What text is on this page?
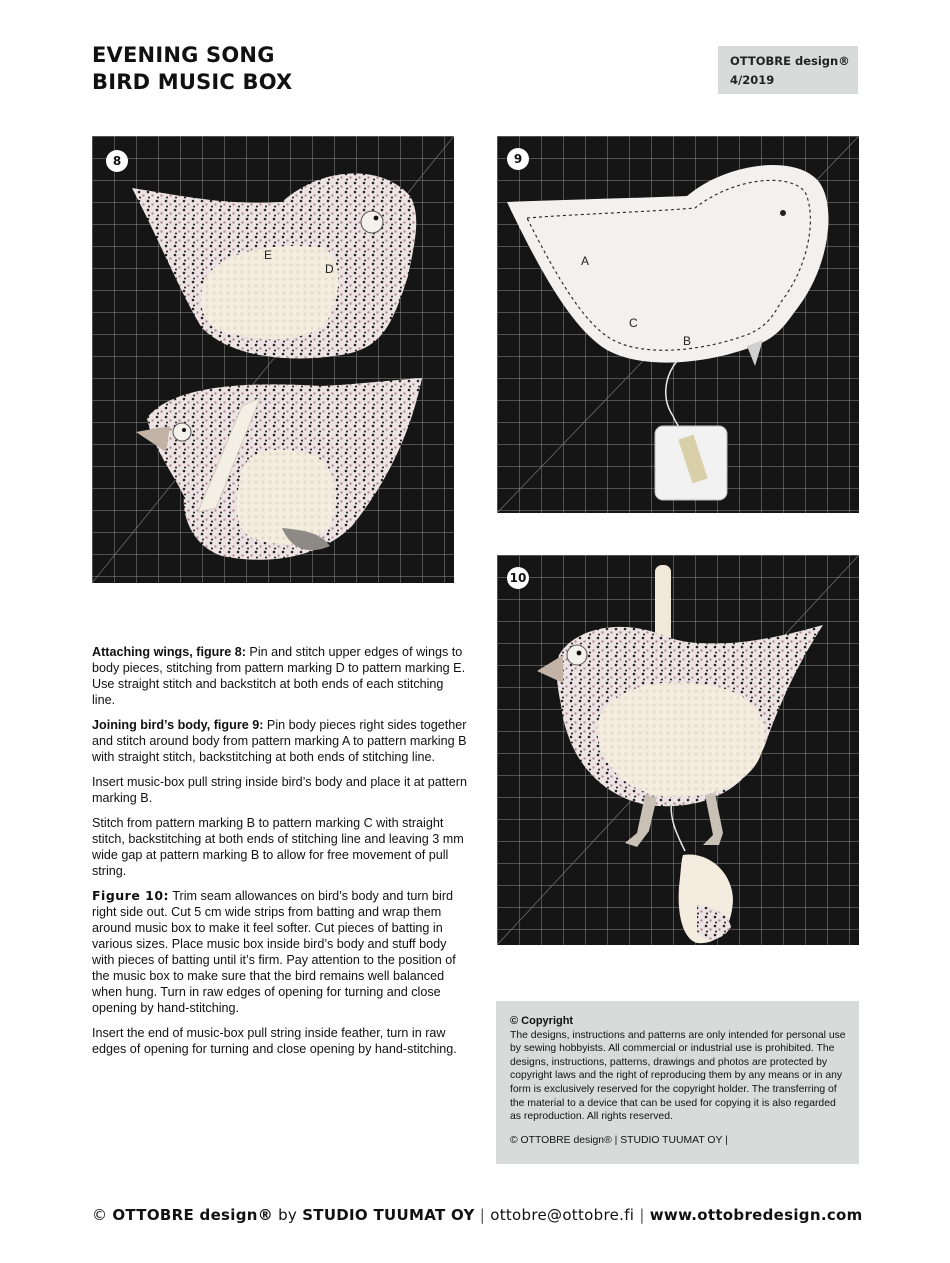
EVENING SONG
BIRD MUSIC BOX
OTTOBRE design®
4/2019
8
E
D
9
A
C
B
10

Attaching wings, figure 8: Pin and stitch upper edges of wings to body pieces, stitching from pattern marking D to pattern marking E. Use straight stitch and backstitch at both ends of each stitching line.

Joining bird’s body, figure 9: Pin body pieces right sides together and stitch around body from pattern marking A to pattern marking B with straight stitch, backstitching at both ends of stitching line.

Insert music-box pull string inside bird’s body and place it at pattern marking B.

Stitch from pattern marking B to pattern marking C with straight stitch, backstitching at both ends of stitching line and leaving 3 mm wide gap at pattern marking B to allow for free movement of pull string.

Figure 10: Trim seam allowances on bird’s body and turn bird right side out. Cut 5 cm wide strips from batting and wrap them around music box to make it feel softer. Cut pieces of batting in various sizes. Place music box inside bird’s body and stuff body with pieces of batting until it’s firm. Pay attention to the position of the music box to make sure that the bird remains well balanced when hung. Turn in raw edges of opening for turning and close opening by hand-stitching.

Insert the end of music-box pull string inside feather, turn in raw edges of opening for turning and close opening by hand-stitching.

© Copyright
The designs, instructions and patterns are only intended for personal use by sewing hobbyists. All commercial or industrial use is prohibited. The designs, instructions, patterns, drawings and photos are protected by copyright laws and the right of reproducing them by any means or in any form is exclusively reserved for the copyright holder. The transferring of the material to a device that can be used for copying it is also regarded as reproduction. All rights reserved.
© OTTOBRE design® | STUDIO TUUMAT OY |
© OTTOBRE design® by STUDIO TUUMAT OY | ottobre@ottobre.fi | www.ottobredesign.com
